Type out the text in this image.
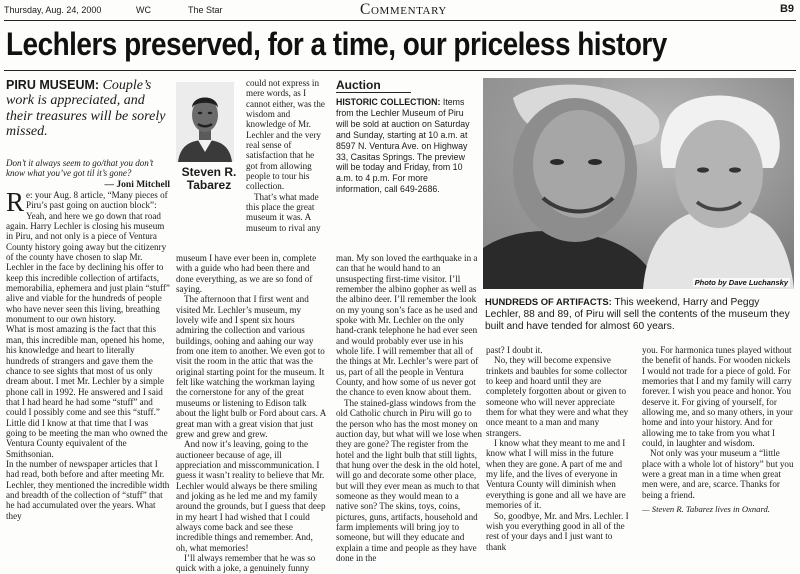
Thursday, Aug. 24, 2000	WC	The Star	Commentary	B9
Lechlers preserved, for a time, our priceless history
PIRU MUSEUM: Couple’s work is appreciated, and their treasures will be sorely missed.
Don’t it always seem to go/that you don’t know what you’ve got til it’s gone?
— Joni Mitchell

Re: your Aug. 8 article, “Many pieces of Piru’s past going on auction block”:

Yeah, and here we go down that road again. Harry Lechler is closing his museum in Piru, and not only is a piece of Ventura County history going away but the citizenry of the county have chosen to slap Mr. Lechler in the face by declining his offer to keep this incredible collection of artifacts, memorabilia, ephemera and just plain “stuff” alive and viable for the hundreds of people who have never seen this living, breathing monument to our own history.

What is most amazing is the fact that this man, this incredible man, opened his home, his knowledge and heart to literally hundreds of strangers and gave them the chance to see sights that most of us only dream about. I met Mr. Lechler by a simple phone call in 1992. He answered and I said that I had heard he had some “stuff” and could I possibly come and see this “stuff.” Little did I know at that time that I was going to be meeting the man who owned the Ventura County equivalent of the Smithsonian.

In the number of newspaper articles that I had read, both before and after meeting Mr. Lechler, they mentioned the incredible width and breadth of the collection of “stuff” that he had accumulated over the years. What they

Steven R.
Tabarez

could not express in mere words, as I cannot either, was the wisdom and knowledge of Mr. Lechler and the very real sense of satisfaction that he got from allowing people to tour his collection.

That’s what made this place the great museum it was. A museum to rival any

museum I have ever been in, complete with a guide who had been there and done everything, as we are so fond of saying.

The afternoon that I first went and visited Mr. Lechler’s museum, my lovely wife and I spent six hours admiring the collection and various buildings, oohing and aahing our way from one item to another. We even got to visit the room in the attic that was the original starting point for the museum. It felt like watching the workman laying the cornerstone for any of the great museums or listening to Edison talk about the light bulb or Ford about cars. A great man with a great vision that just grew and grew and grew.

And now it’s leaving, going to the auctioneer because of age, ill appreciation and misscommunication. I guess it wasn’t reality to believe that Mr. Lechler would always be there smiling and joking as he led me and my family around the grounds, but I guess that deep in my heart I had wished that I could always come back and see these incredible things and remember. And, oh, what memories!

I’ll always remember that he was so quick with a joke, a genuinely funny

Auction
HISTORIC COLLECTION: Items from the Lechler Museum of Piru will be sold at auction on Saturday and Sunday, starting at 10 a.m. at 8597 N. Ventura Ave. on Highway 33, Casitas Springs. The preview will be today and Friday, from 10 a.m. to 4 p.m. For more information, call 649-2686.

man. My son loved the earthquake in a can that he would hand to an unsuspecting first-time visitor. I’ll remember the albino gopher as well as the albino deer. I’ll remember the look on my young son’s face as he used and spoke with Mr. Lechler on the only hand-crank telephone he had ever seen and would probably ever use in his whole life. I will remember that all of the things at Mr. Lechler’s were part of us, part of all the people in Ventura County, and how some of us never got the chance to even know about them.

The stained-glass windows from the old Catholic church in Piru will go to the person who has the most money on auction day, but what will we lose when they are gone? The register from the hotel and the light bulb that still lights, that hung over the desk in the old hotel, will go and decorate some other place, but will they ever mean as much to that someone as they would mean to a native son? The skins, toys, coins, pictures, guns, artifacts, household and farm implements will bring joy to someone, but will they educate and explain a time and people as they have done in the

Photo by Dave Luchansky
HUNDREDS OF ARTIFACTS: This weekend, Harry and Peggy Lechler, 88 and 89, of Piru will sell the contents of the museum they built and have tended for almost 60 years.

past? I doubt it.

No, they will become expensive trinkets and baubles for some collector to keep and hoard until they are completely forgotten about or given to someone who will never appreciate them for what they were and what they once meant to a man and many strangers.

I know what they meant to me and I know what I will miss in the future when they are gone. A part of me and my life, and the lives of everyone in Ventura County will diminish when everything is gone and all we have are memories of it.

So, goodbye, Mr. and Mrs. Lechler. I wish you everything good in all of the rest of your days and I just want to thank

you. For harmonica tunes played without the benefit of hands. For wooden nickels I would not trade for a piece of gold. For memories that I and my family will carry forever. I wish you peace and honor. You deserve it. For giving of yourself, for allowing me, and so many others, in your home and into your history. And for allowing me to take from you what I could, in laughter and wisdom.

Not only was your museum a “little place with a whole lot of history” but you were a great man in a time when great men were, and are, scarce. Thanks for being a friend.

— Steven R. Tabarez lives in Oxnard.
